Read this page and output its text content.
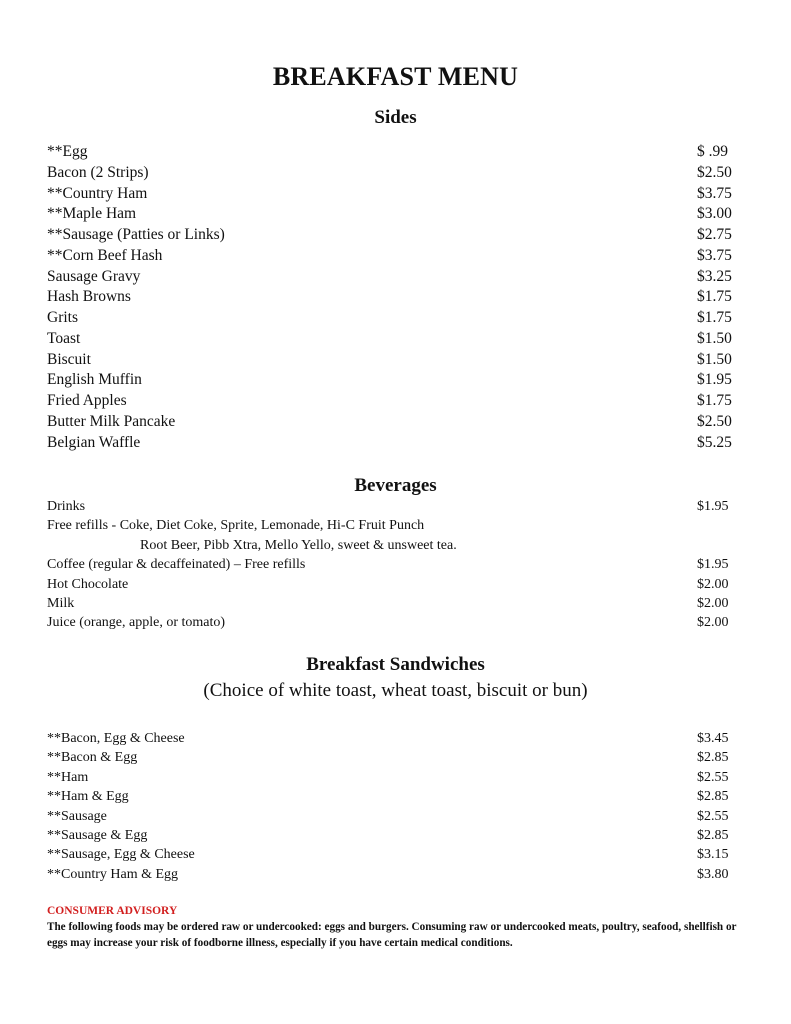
BREAKFAST MENU
Sides
**Egg	$ .99
Bacon (2 Strips)	$2.50
**Country Ham	$3.75
**Maple Ham	$3.00
**Sausage (Patties or Links)	$2.75
**Corn Beef Hash	$3.75
Sausage Gravy	$3.25
Hash Browns	$1.75
Grits	$1.75
Toast	$1.50
Biscuit	$1.50
English Muffin	$1.95
Fried Apples	$1.75
Butter Milk Pancake	$2.50
Belgian Waffle	$5.25
Beverages
Drinks	$1.95
Free refills - Coke, Diet Coke, Sprite, Lemonade, Hi-C Fruit Punch
Root Beer, Pibb Xtra, Mello Yello, sweet & unsweet tea.
Coffee (regular & decaffeinated) – Free refills	$1.95
Hot Chocolate	$2.00
Milk	$2.00
Juice (orange, apple, or tomato)	$2.00
Breakfast Sandwiches
(Choice of white toast, wheat toast, biscuit or bun)
**Bacon, Egg & Cheese	$3.45
**Bacon & Egg	$2.85
**Ham	$2.55
**Ham & Egg	$2.85
**Sausage	$2.55
**Sausage & Egg	$2.85
**Sausage, Egg & Cheese	$3.15
**Country Ham & Egg	$3.80
CONSUMER ADVISORY
The following foods may be ordered raw or undercooked: eggs and burgers. Consuming raw or undercooked meats, poultry, seafood, shellfish or eggs may increase your risk of foodborne illness, especially if you have certain medical conditions.
